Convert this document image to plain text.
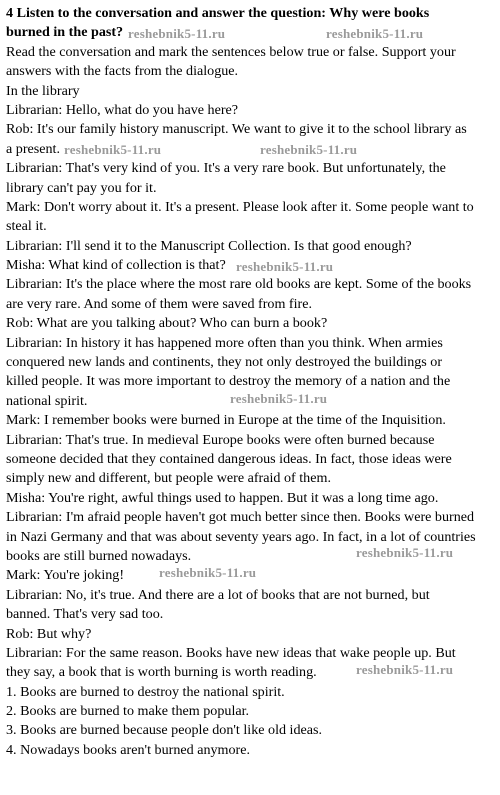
4 Listen to the conversation and answer the question: Why were books
burned in the past?
Read the conversation and mark the sentences below true or false. Support your
answers with the facts from the dialogue.
In the library
Librarian: Hello, what do you have here?
Rob: It's our family history manuscript. We want to give it to the school library as
a present.
Librarian: That's very kind of you. It's a very rare book. But unfortunately, the
library can't pay you for it.
Mark: Don't worry about it. It's a present. Please look after it. Some people want to
steal it.
Librarian: I'll send it to the Manuscript Collection. Is that good enough?
Misha: What kind of collection is that?
Librarian: It's the place where the most rare old books are kept. Some of the books
are very rare. And some of them were saved from fire.
Rob: What are you talking about? Who can burn a book?
Librarian: In history it has happened more often than you think. When armies
conquered new lands and continents, they not only destroyed the buildings or
killed people. It was more important to destroy the memory of a nation and the
national spirit.
Mark: I remember books were burned in Europe at the time of the Inquisition.
Librarian: That's true. In medieval Europe books were often burned because
someone decided that they contained dangerous ideas. In fact, those ideas were
simply new and different, but people were afraid of them.
Misha: You're right, awful things used to happen. But it was a long time ago.
Librarian: I'm afraid people haven't got much better since then. Books were burned
in Nazi Germany and that was about seventy years ago. In fact, in a lot of countries
books are still burned nowadays.
Mark: You're joking!
Librarian: No, it's true. And there are a lot of books that are not burned, but
banned. That's very sad too.
Rob: But why?
Librarian: For the same reason. Books have new ideas that wake people up. But
they say, a book that is worth burning is worth reading.
1. Books are burned to destroy the national spirit.
2. Books are burned to make them popular.
3. Books are burned because people don't like old ideas.
4. Nowadays books aren't burned anymore.
reshebnik5-11.ru	reshebnik5-11.ru
reshebnik5-11.ru	reshebnik5-11.ru
reshebnik5-11.ru
reshebnik5-11.ru
reshebnik5-11.ru
reshebnik5-11.ru
reshebnik5-11.ru
